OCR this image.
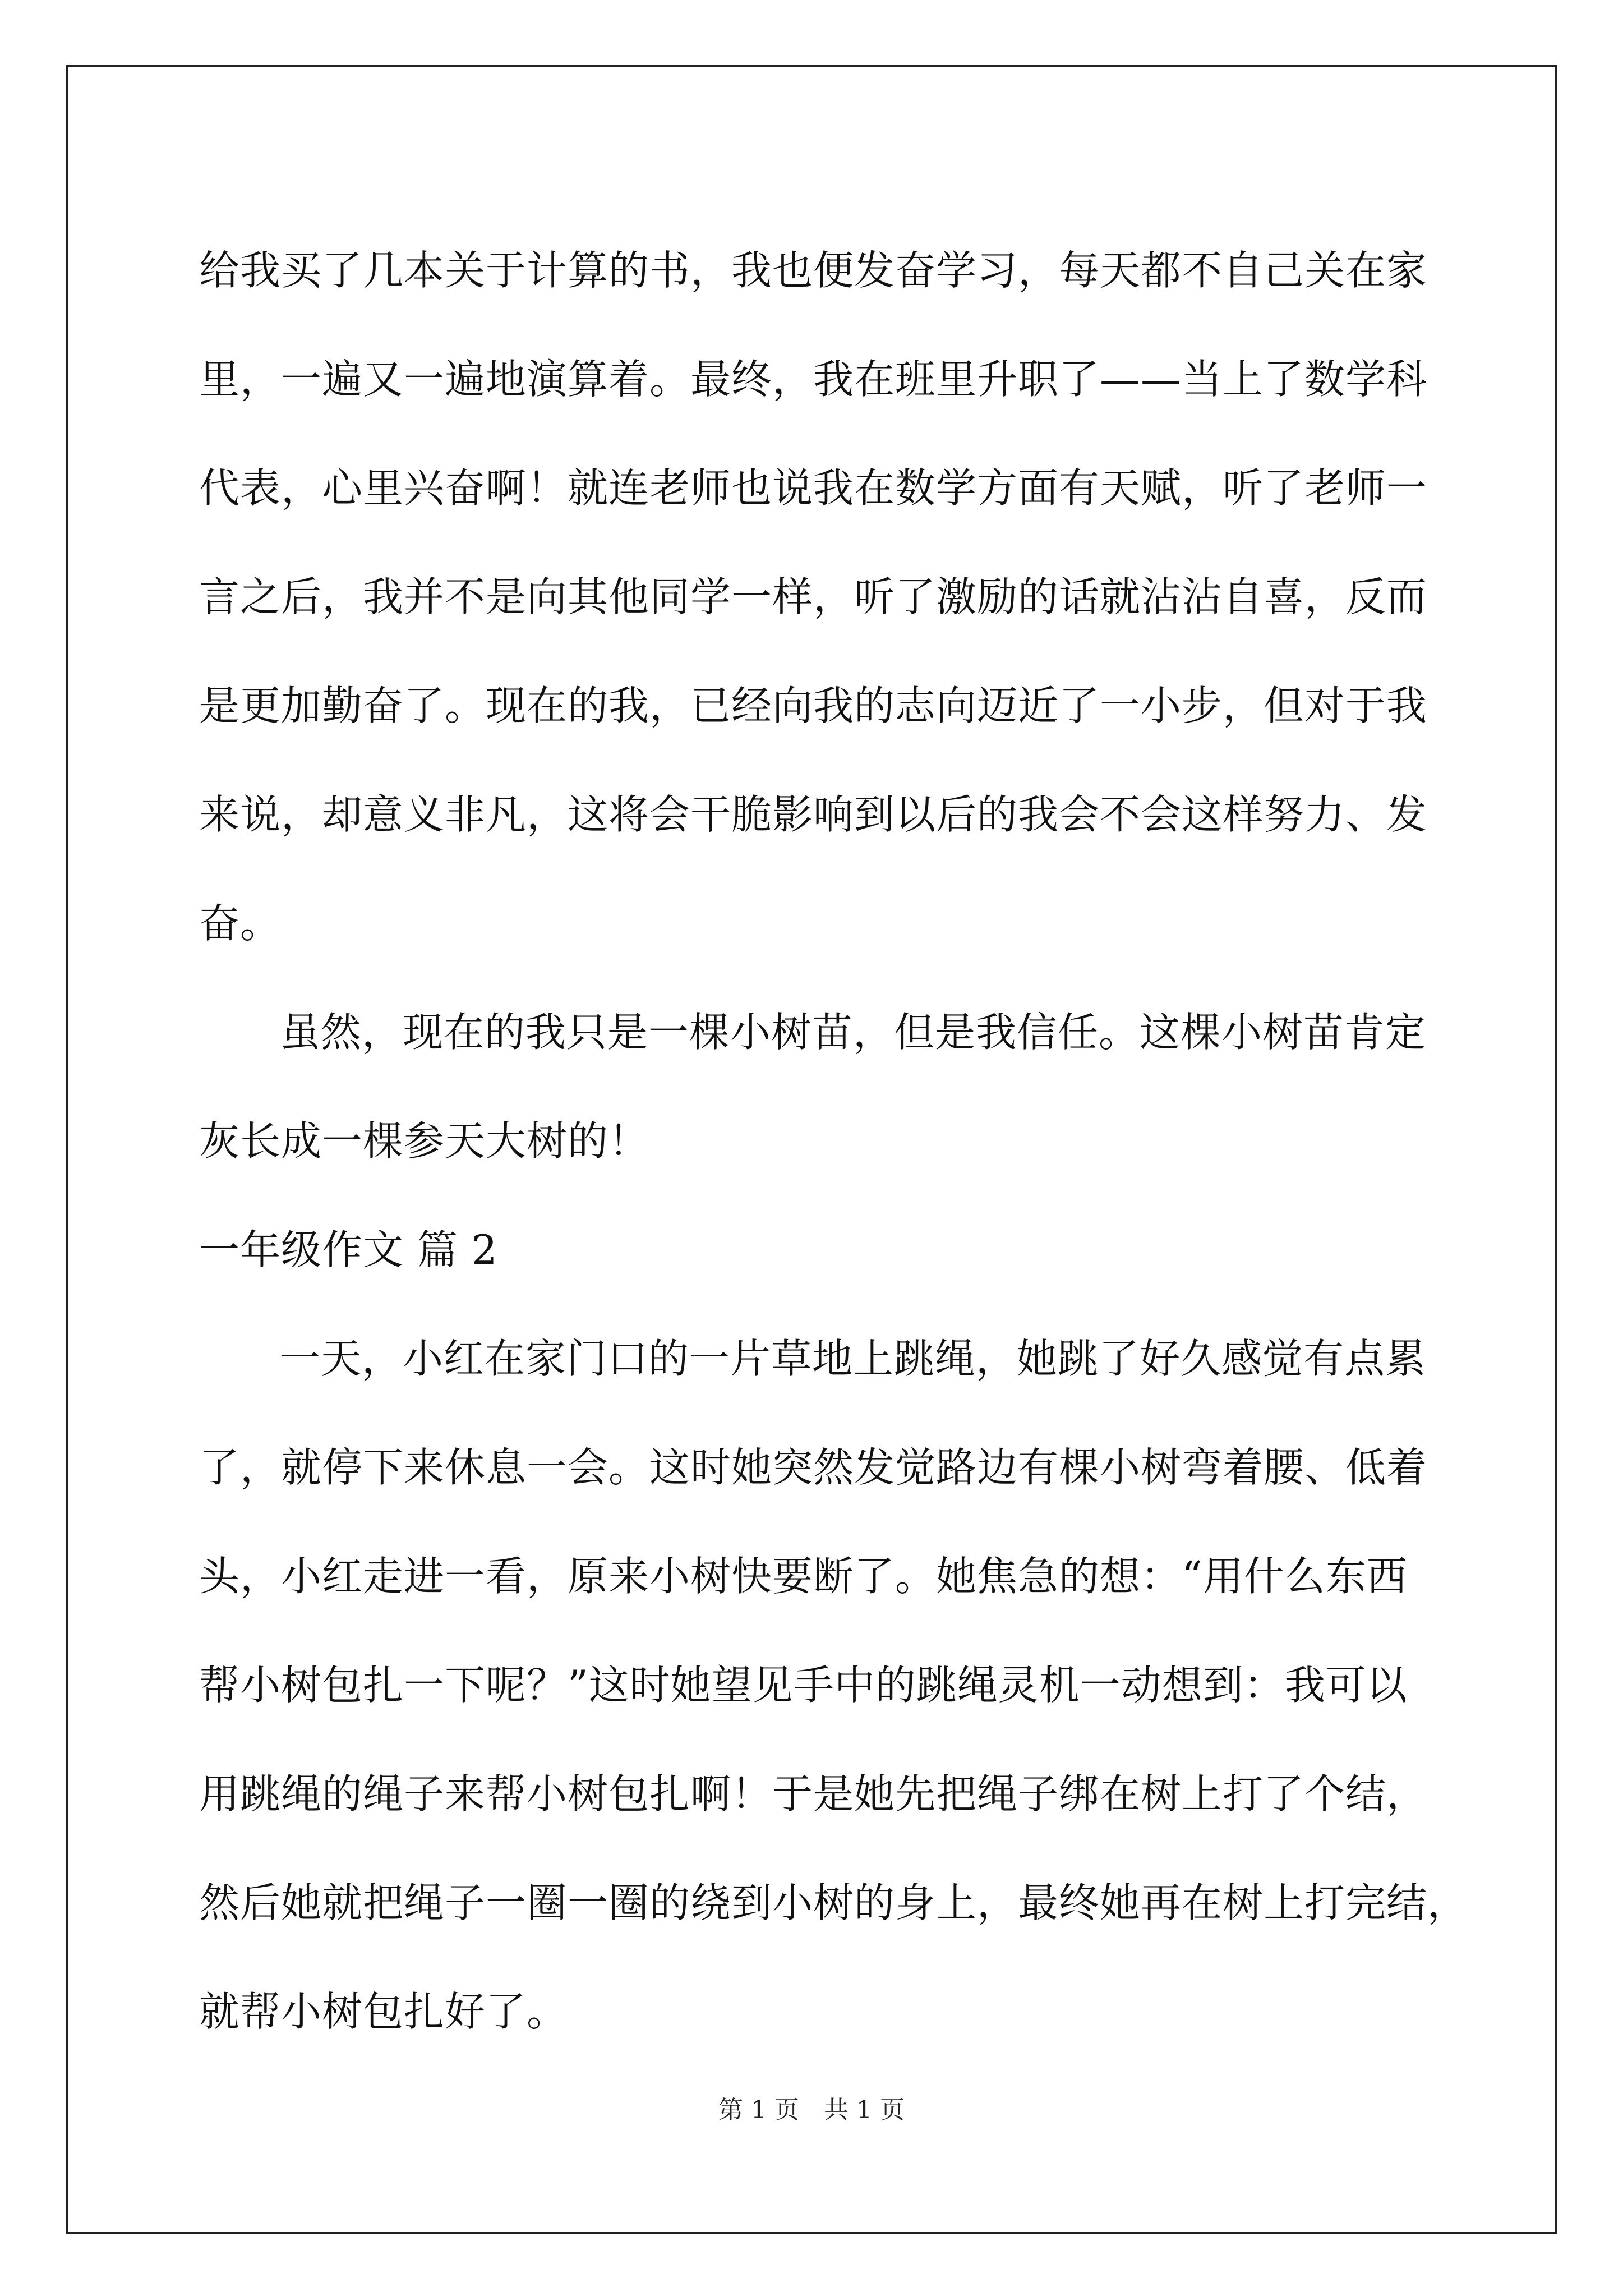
给我买了几本关于计算的书，我也便发奋学习，每天都不自己关在家
里，一遍又一遍地演算着。最终，我在班里升职了——当上了数学科
代表，心里兴奋啊！就连老师也说我在数学方面有天赋，听了老师一
言之后，我并不是向其他同学一样，听了激励的话就沾沾自喜，反而
是更加勤奋了。现在的我，已经向我的志向迈近了一小步，但对于我
来说，却意义非凡，这将会干脆影响到以后的我会不会这样努力、发
奋。
虽然，现在的我只是一棵小树苗，但是我信任。这棵小树苗肯定
灰长成一棵参天大树的！
一年级作文 篇 2
一天，小红在家门口的一片草地上跳绳，她跳了好久感觉有点累
了，就停下来休息一会。这时她突然发觉路边有棵小树弯着腰、低着
头，小红走进一看，原来小树快要断了。她焦急的想：“用什么东西
帮小树包扎一下呢？”这时她望见手中的跳绳灵机一动想到：我可以
用跳绳的绳子来帮小树包扎啊！于是她先把绳子绑在树上打了个结，
然后她就把绳子一圈一圈的绕到小树的身上，最终她再在树上打完结，
就帮小树包扎好了。
第 1 页　共 1 页
